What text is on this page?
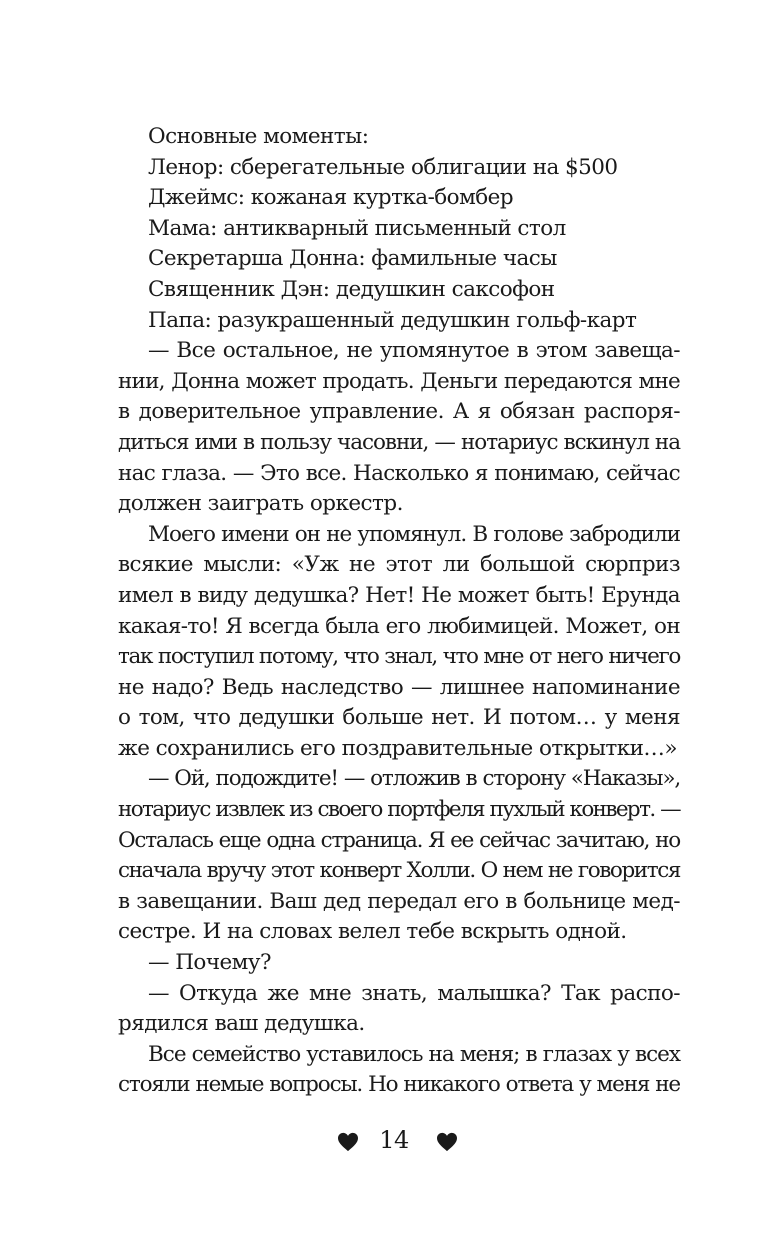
Основные моменты:
Ленор: сберегательные облигации на $500
Джеймс: кожаная куртка-бомбер
Мама: антикварный письменный стол
Секретарша Донна: фамильные часы
Священник Дэн: дедушкин саксофон
Папа: разукрашенный дедушкин гольф-карт
— Все остальное, не упомянутое в этом завеща-
нии, Донна может продать. Деньги передаются мне
в доверительное управление. А я обязан распоря-
диться ими в пользу часовни, — нотариус вскинул на
нас глаза. — Это все. Насколько я понимаю, сейчас
должен заиграть оркестр.
Моего имени он не упомянул. В голове забродили
всякие мысли: «Уж не этот ли большой сюрприз
имел в виду дедушка? Нет! Не может быть! Ерунда
какая-то! Я всегда была его любимицей. Может, он
так поступил потому, что знал, что мне от него ничего
не надо? Ведь наследство — лишнее напоминание
о том, что дедушки больше нет. И потом… у меня
же сохранились его поздравительные открытки…»
— Ой, подождите! — отложив в сторону «Наказы»,
нотариус извлек из своего портфеля пухлый конверт. —
Осталась еще одна страница. Я ее сейчас зачитаю, но
сначала вручу этот конверт Холли. О нем не говорится
в завещании. Ваш дед передал его в больнице мед-
сестре. И на словах велел тебе вскрыть одной.
— Почему?
— Откуда же мне знать, малышка? Так распо-
рядился ваш дедушка.
Все семейство уставилось на меня; в глазах у всех
стояли немые вопросы. Но никакого ответа у меня не
14
